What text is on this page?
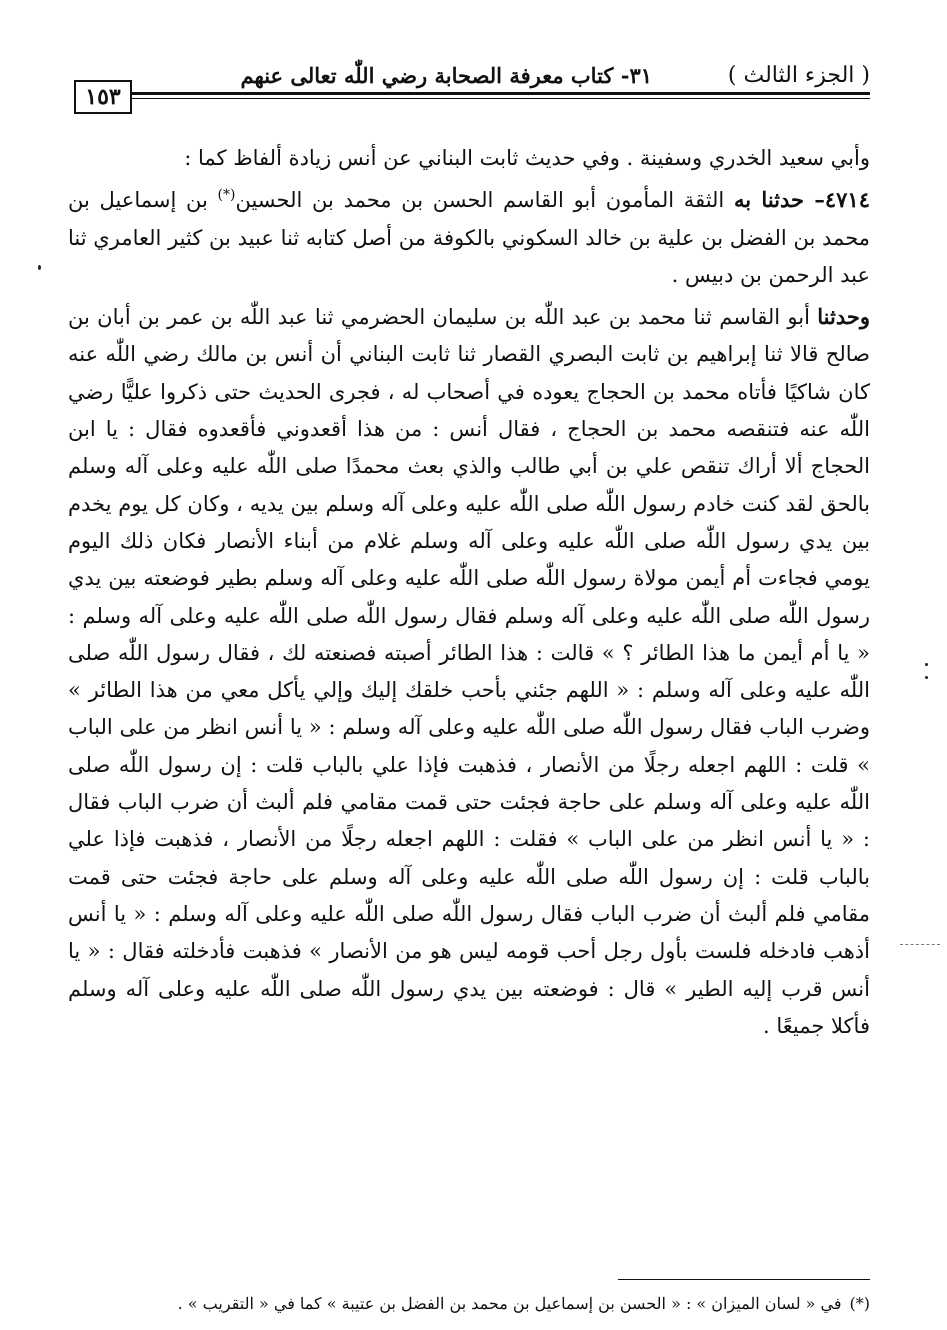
( الجزء الثالث )
٣١- كتاب معرفة الصحابة رضي اللّٰه تعالى عنهم
١٥٣

وأبي سعيد الخدري وسفينة . وفي حديث ثابت البناني عن أنس زيادة ألفاظ كما :

٤٧١٤– حدثنا به الثقة المأمون أبو القاسم الحسن بن محمد بن الحسين(*) بن إسماعيل بن محمد بن الفضل بن علية بن خالد السكوني بالكوفة من أصل كتابه ثنا عبيد بن كثير العامري ثنا عبد الرحمن بن دبيس .

وحدثنا أبو القاسم ثنا محمد بن عبد اللّٰه بن سليمان الحضرمي ثنا عبد اللّٰه بن عمر بن أبان بن صالح قالا ثنا إبراهيم بن ثابت البصري القصار ثنا ثابت البناني أن أنس بن مالك رضي اللّٰه عنه كان شاكيًا فأتاه محمد بن الحجاج يعوده في أصحاب له ، فجرى الحديث حتى ذكروا عليًّا رضي اللّٰه عنه فتنقصه محمد بن الحجاج ، فقال أنس : من هذا أقعدوني فأقعدوه فقال : يا ابن الحجاج ألا أراك تنقص علي بن أبي طالب والذي بعث محمدًا صلى اللّٰه عليه وعلى آله وسلم بالحق لقد كنت خادم رسول اللّٰه صلى اللّٰه عليه وعلى آله وسلم بين يديه ، وكان كل يوم يخدم بين يدي رسول اللّٰه صلى اللّٰه عليه وعلى آله وسلم غلام من أبناء الأنصار فكان ذلك اليوم يومي فجاءت أم أيمن مولاة رسول اللّٰه صلى اللّٰه عليه وعلى آله وسلم بطير فوضعته بين يدي رسول اللّٰه صلى اللّٰه عليه وعلى آله وسلم فقال رسول اللّٰه صلى اللّٰه عليه وعلى آله وسلم : « يا أم أيمن ما هذا الطائر ؟ » قالت : هذا الطائر أصبته فصنعته لك ، فقال رسول اللّٰه صلى اللّٰه عليه وعلى آله وسلم : « اللهم جئني بأحب خلقك إليك وإلي يأكل معي من هذا الطائر » وضرب الباب فقال رسول اللّٰه صلى اللّٰه عليه وعلى آله وسلم : « يا أنس انظر من على الباب » قلت : اللهم اجعله رجلًا من الأنصار ، فذهبت فإذا علي بالباب قلت : إن رسول اللّٰه صلى اللّٰه عليه وعلى آله وسلم على حاجة فجئت حتى قمت مقامي فلم ألبث أن ضرب الباب فقال : « يا أنس انظر من على الباب » فقلت : اللهم اجعله رجلًا من الأنصار ، فذهبت فإذا علي بالباب قلت : إن رسول اللّٰه صلى اللّٰه عليه وعلى آله وسلم على حاجة فجئت حتى قمت مقامي فلم ألبث أن ضرب الباب فقال رسول اللّٰه صلى اللّٰه عليه وعلى آله وسلم : « يا أنس أذهب فادخله فلست بأول رجل أحب قومه ليس هو من الأنصار » فذهبت فأدخلته فقال : « يا أنس قرب إليه الطير » قال : فوضعته بين يدي رسول اللّٰه صلى اللّٰه عليه وعلى آله وسلم فأكلا جميعًا .

(*)في « لسان الميزان » : « الحسن بن إسماعيل بن محمد بن الفضل بن عتيبة » كما في « التقريب » .
